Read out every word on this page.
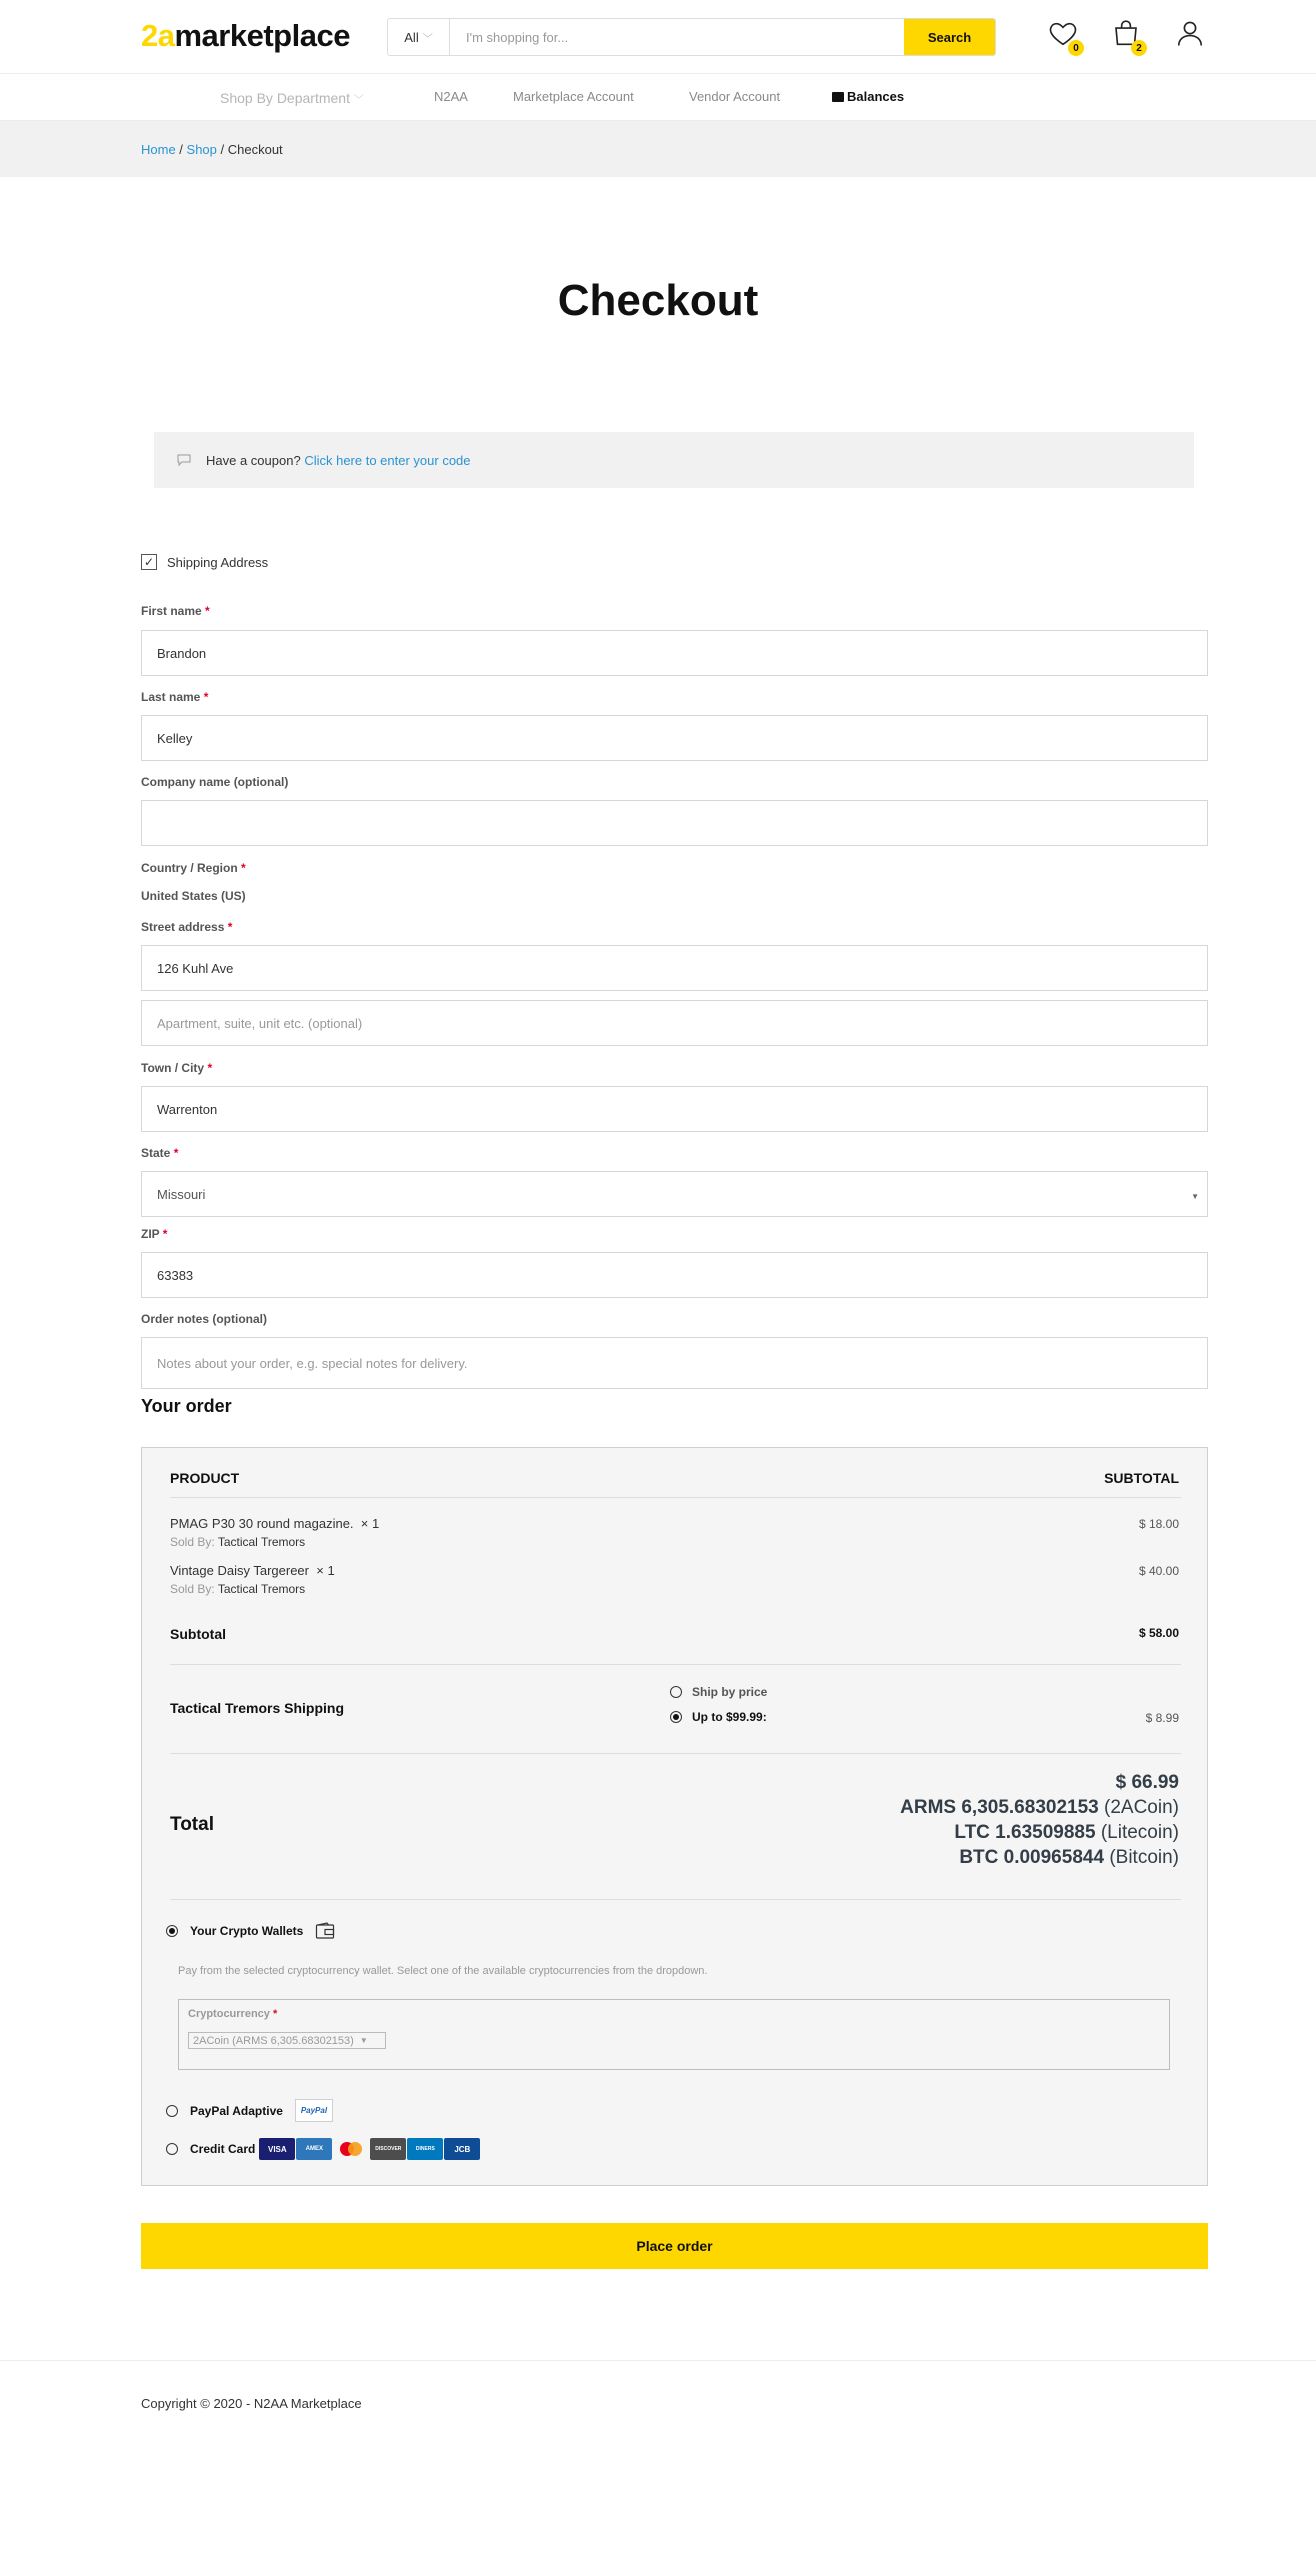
2amarketplace	All ﹀
I'm shopping for...	Search
0	2
Shop By Department ﹀	N2AA	Marketplace Account	Vendor Account	Balances
Home / Shop / Checkout
Checkout
Have a coupon? Click here to enter your code
✓ Shipping Address
First name *
Brandon
Last name *
Kelley
Company name (optional)
Country / Region *
United States (US)
Street address *
126 Kuhl Ave
Apartment, suite, unit etc. (optional)
Town / City *
Warrenton
State *
Missouri	▼
ZIP *
63383
Order notes (optional)
Notes about your order, e.g. special notes for delivery.
Your order
PRODUCT	SUBTOTAL
PMAG P30 30 round magazine. × 1
Sold By: Tactical Tremors
$ 18.00
Vintage Daisy Targereer × 1
Sold By: Tactical Tremors
$ 40.00
Subtotal	$ 58.00
Tactical Tremors Shipping
Ship by price
Up to $99.99:	$ 8.99
Total
$ 66.99
ARMS 6,305.68302153 (2ACoin)
LTC 1.63509885 (Litecoin)
BTC 0.00965844 (Bitcoin)
Your Crypto Wallets
Pay from the selected cryptocurrency wallet. Select one of the available cryptocurrencies from the dropdown.
Cryptocurrency *
2ACoin (ARMS 6,305.68302153) ▼
PayPal Adaptive	PayPal
Credit Card	VISA	AMEX	DISCOVER	DINERS	JCB
Place order
Copyright © 2020 - N2AA Marketplace
